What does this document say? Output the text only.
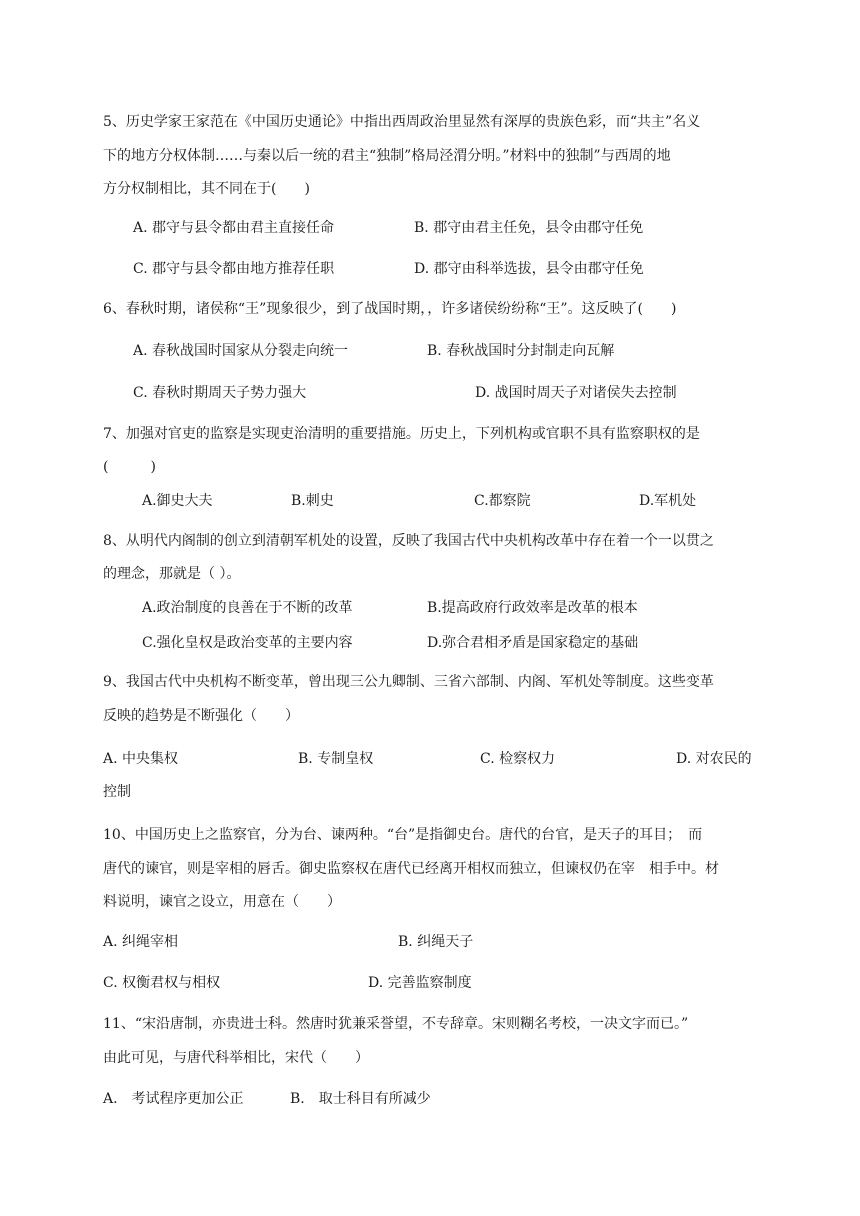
5、历史学家王家范在《中国历史通论》中指出西周政治里显然有深厚的贵族色彩，而“共主”名义
下的地方分权体制……与秦以后一统的君主“独制”格局泾渭分明。”材料中的独制”与西周的地
方分权制相比，其不同在于(　　)
A. 郡守与县令都由君主直接任命	B. 郡守由君主任免，县令由郡守任免
C. 郡守与县令都由地方推荐任职	D. 郡守由科举选拔，县令由郡守任免
6、春秋时期，诸侯称“王”现象很少，到了战国时期，，许多诸侯纷纷称“王”。这反映了(　　)
A. 春秋战国时国家从分裂走向统一	B. 春秋战国时分封制走向瓦解
C. 春秋时期周天子势力强大	D. 战国时周天子对诸侯失去控制
7、加强对官吏的监察是实现吏治清明的重要措施。历史上，下列机构或官职不具有监察职权的是
(　　　)
A.御史大夫	B.刺史	C.都察院	D.军机处
8、从明代内阁制的创立到清朝军机处的设置，反映了我国古代中央机构改革中存在着一个一以贯之
的理念，那就是（ ）。
A.政治制度的良善在于不断的改革	B.提高政府行政效率是改革的根本
C.强化皇权是政治变革的主要内容	D.弥合君相矛盾是国家稳定的基础
9、我国古代中央机构不断变革，曾出现三公九卿制、三省六部制、内阁、军机处等制度。这些变革
反映的趋势是不断强化（　　）
A. 中央集权	B. 专制皇权	C. 检察权力	D. 对农民的
控制
10、中国历史上之监察官，分为台、谏两种。“台”是指御史台。唐代的台官，是天子的耳目；　而
唐代的谏官，则是宰相的唇舌。御史监察权在唐代已经离开相权而独立，但谏权仍在宰　相手中。材
料说明，谏官之设立，用意在（　　）
A. 纠绳宰相	B. 纠绳天子
C. 权衡君权与相权	D. 完善监察制度
11、“宋沿唐制，亦贵进士科。然唐时犹兼采誉望，不专辞章。宋则糊名考校，一决文字而已。”
由此可见，与唐代科举相比，宋代（　　）
A.　考试程序更加公正	B.　取士科目有所减少
